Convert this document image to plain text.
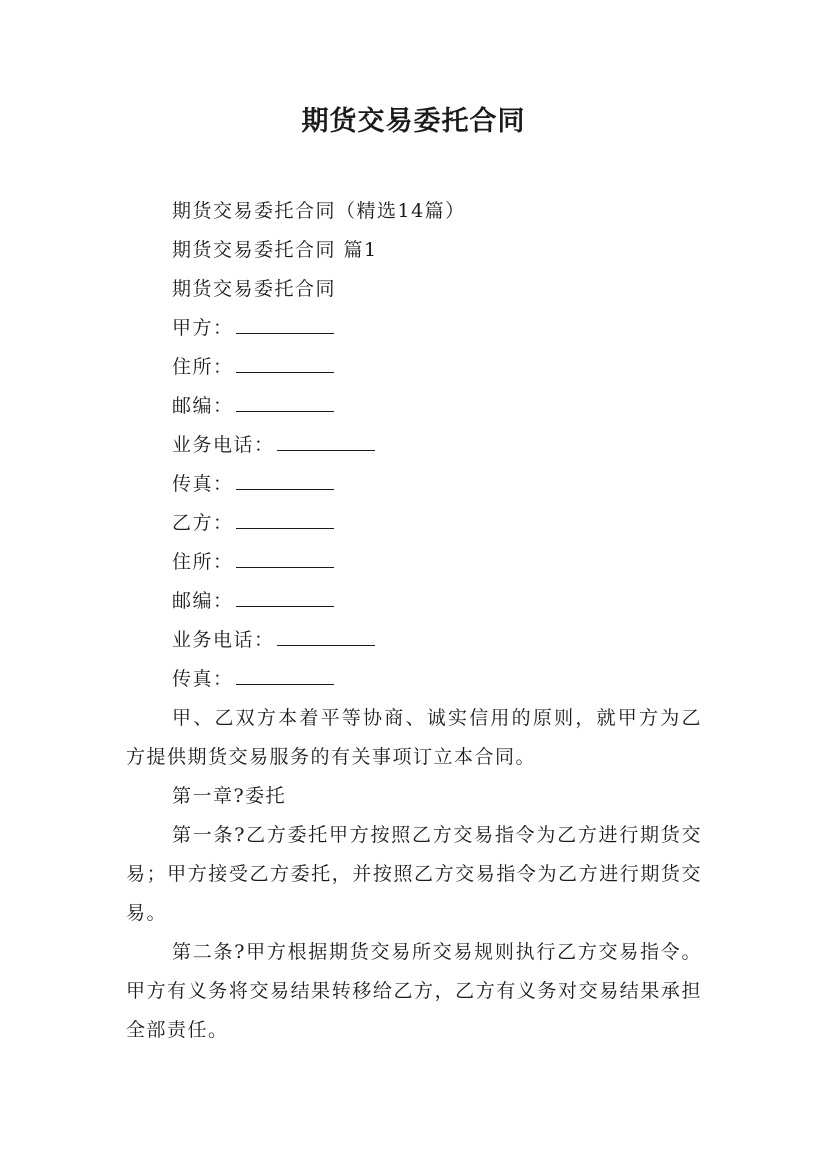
期货交易委托合同
期货交易委托合同（精选14篇）
期货交易委托合同 篇1
期货交易委托合同
甲方：
住所：
邮编：
业务电话：
传真：
乙方：
住所：
邮编：
业务电话：
传真：

甲、乙双方本着平等协商、诚实信用的原则，就甲方为乙方提供期货交易服务的有关事项订立本合同。

第一章?委托

第一条?乙方委托甲方按照乙方交易指令为乙方进行期货交易；甲方接受乙方委托，并按照乙方交易指令为乙方进行期货交易。

第二条?甲方根据期货交易所交易规则执行乙方交易指令。甲方有义务将交易结果转移给乙方，乙方有义务对交易结果承担全部责任。
